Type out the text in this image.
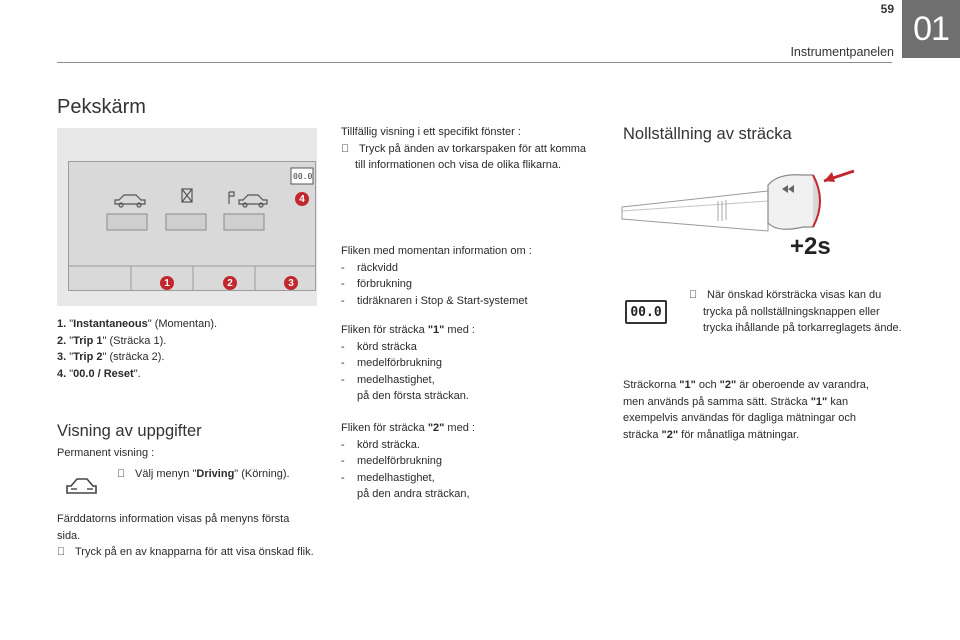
59
Instrumentpanelen
01
Pekskärm
00.0
4
1	2	3

1. "Instantaneous" (Momentan).

2. "Trip 1" (Sträcka 1).

3. "Trip 2" (sträcka 2).

4. "00.0 / Reset".

Visning av uppgifter
Permanent visning :
Välj menyn "Driving" (Körning).
Färddatorns information visas på menyns första sida.
Tryck på en av knapparna för att visa önskad flik.

Tillfällig visning i ett specifikt fönster :

Tryck på änden av torkarspaken för att komma till informationen och visa de olika flikarna.

Fliken med momentan information om :

- räckvidd

- förbrukning

- tidräknaren i Stop & Start-systemet

Fliken för sträcka "1" med :

- körd sträcka

- medelförbrukning

- medelhastighet,

på den första sträckan.

Fliken för sträcka "2" med :

- körd sträcka.

- medelförbrukning

- medelhastighet,

på den andra sträckan,

Nollställning av sträcka
+2s
00.0
När önskad körsträcka visas kan du trycka på nollställningsknappen eller trycka ihållande på torkarreglagets ände.
Sträckorna "1" och "2" är oberoende av varandra, men används på samma sätt. Sträcka "1" kan exempelvis användas för dagliga mätningar och sträcka "2" för månatliga mätningar.
